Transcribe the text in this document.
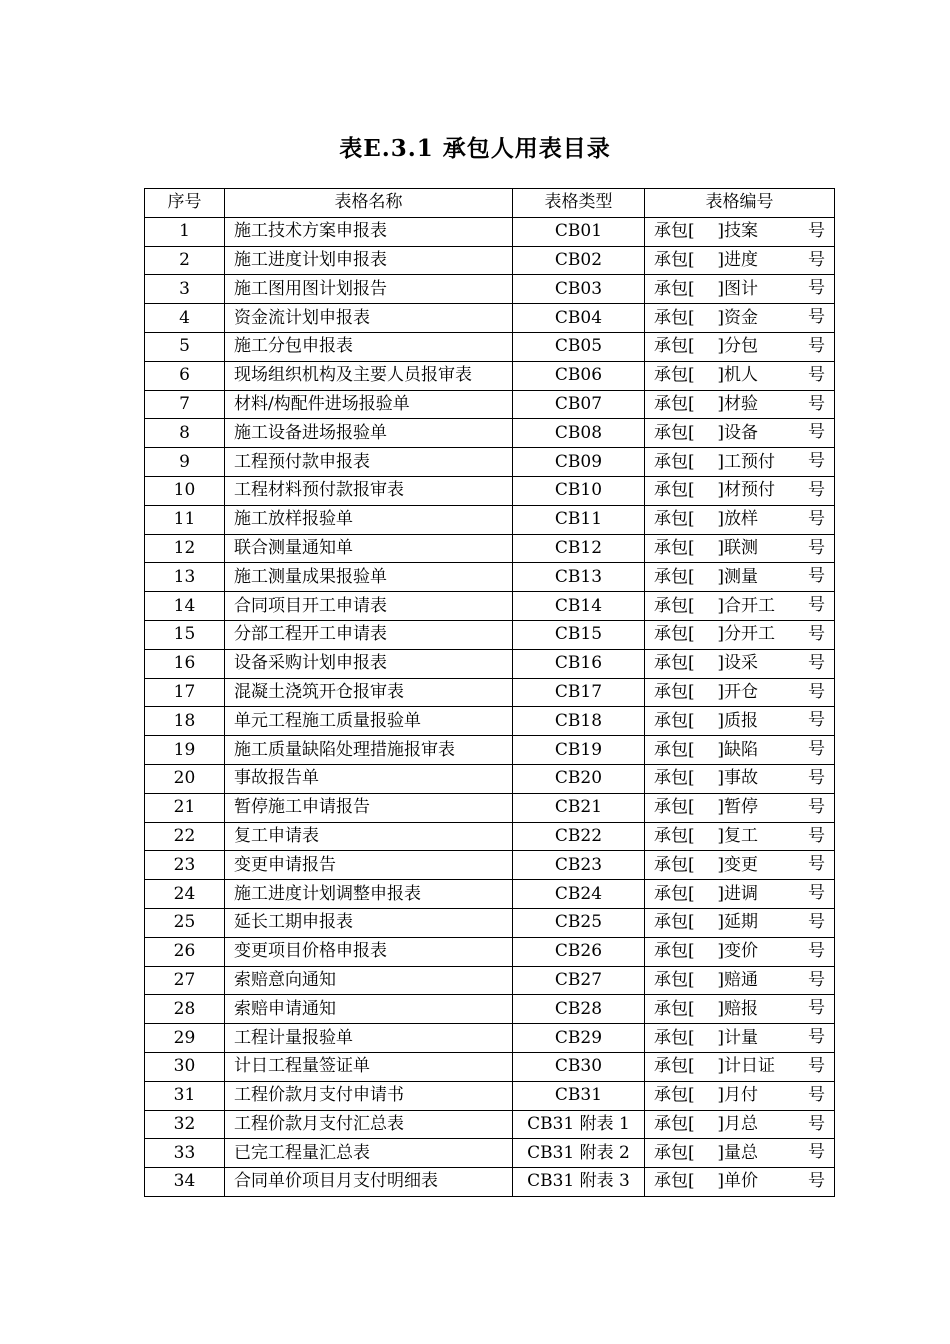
表E.3.1 承包人用表目录
序号	表格名称	表格类型	表格编号
1	施工技术方案申报表	CB01	承包[ ]技案 号

2	施工进度计划申报表	CB02	承包[ ]进度 号

3	施工图用图计划报告	CB03	承包[ ]图计 号

4	资金流计划申报表	CB04	承包[ ]资金 号

5	施工分包申报表	CB05	承包[ ]分包 号

6	现场组织机构及主要人员报审表	CB06	承包[ ]机人 号

7	材料/构配件进场报验单	CB07	承包[ ]材验 号

8	施工设备进场报验单	CB08	承包[ ]设备 号

9	工程预付款申报表	CB09	承包[ ]工预付 号

10	工程材料预付款报审表	CB10	承包[ ]材预付 号

11	施工放样报验单	CB11	承包[ ]放样 号

12	联合测量通知单	CB12	承包[ ]联测 号

13	施工测量成果报验单	CB13	承包[ ]测量 号

14	合同项目开工申请表	CB14	承包[ ]合开工 号

15	分部工程开工申请表	CB15	承包[ ]分开工 号

16	设备采购计划申报表	CB16	承包[ ]设采 号

17	混凝土浇筑开仓报审表	CB17	承包[ ]开仓 号

18	单元工程施工质量报验单	CB18	承包[ ]质报 号

19	施工质量缺陷处理措施报审表	CB19	承包[ ]缺陷 号

20	事故报告单	CB20	承包[ ]事故 号

21	暂停施工申请报告	CB21	承包[ ]暂停 号

22	复工申请表	CB22	承包[ ]复工 号

23	变更申请报告	CB23	承包[ ]变更 号

24	施工进度计划调整申报表	CB24	承包[ ]进调 号

25	延长工期申报表	CB25	承包[ ]延期 号

26	变更项目价格申报表	CB26	承包[ ]变价 号

27	索赔意向通知	CB27	承包[ ]赔通 号

28	索赔申请通知	CB28	承包[ ]赔报 号

29	工程计量报验单	CB29	承包[ ]计量 号

30	计日工程量签证单	CB30	承包[ ]计日证 号

31	工程价款月支付申请书	CB31	承包[ ]月付 号

32	工程价款月支付汇总表	CB31 附表 1	承包[ ]月总 号

33	已完工程量汇总表	CB31 附表 2	承包[ ]量总 号

34	合同单价项目月支付明细表	CB31 附表 3	承包[ ]单价 号
